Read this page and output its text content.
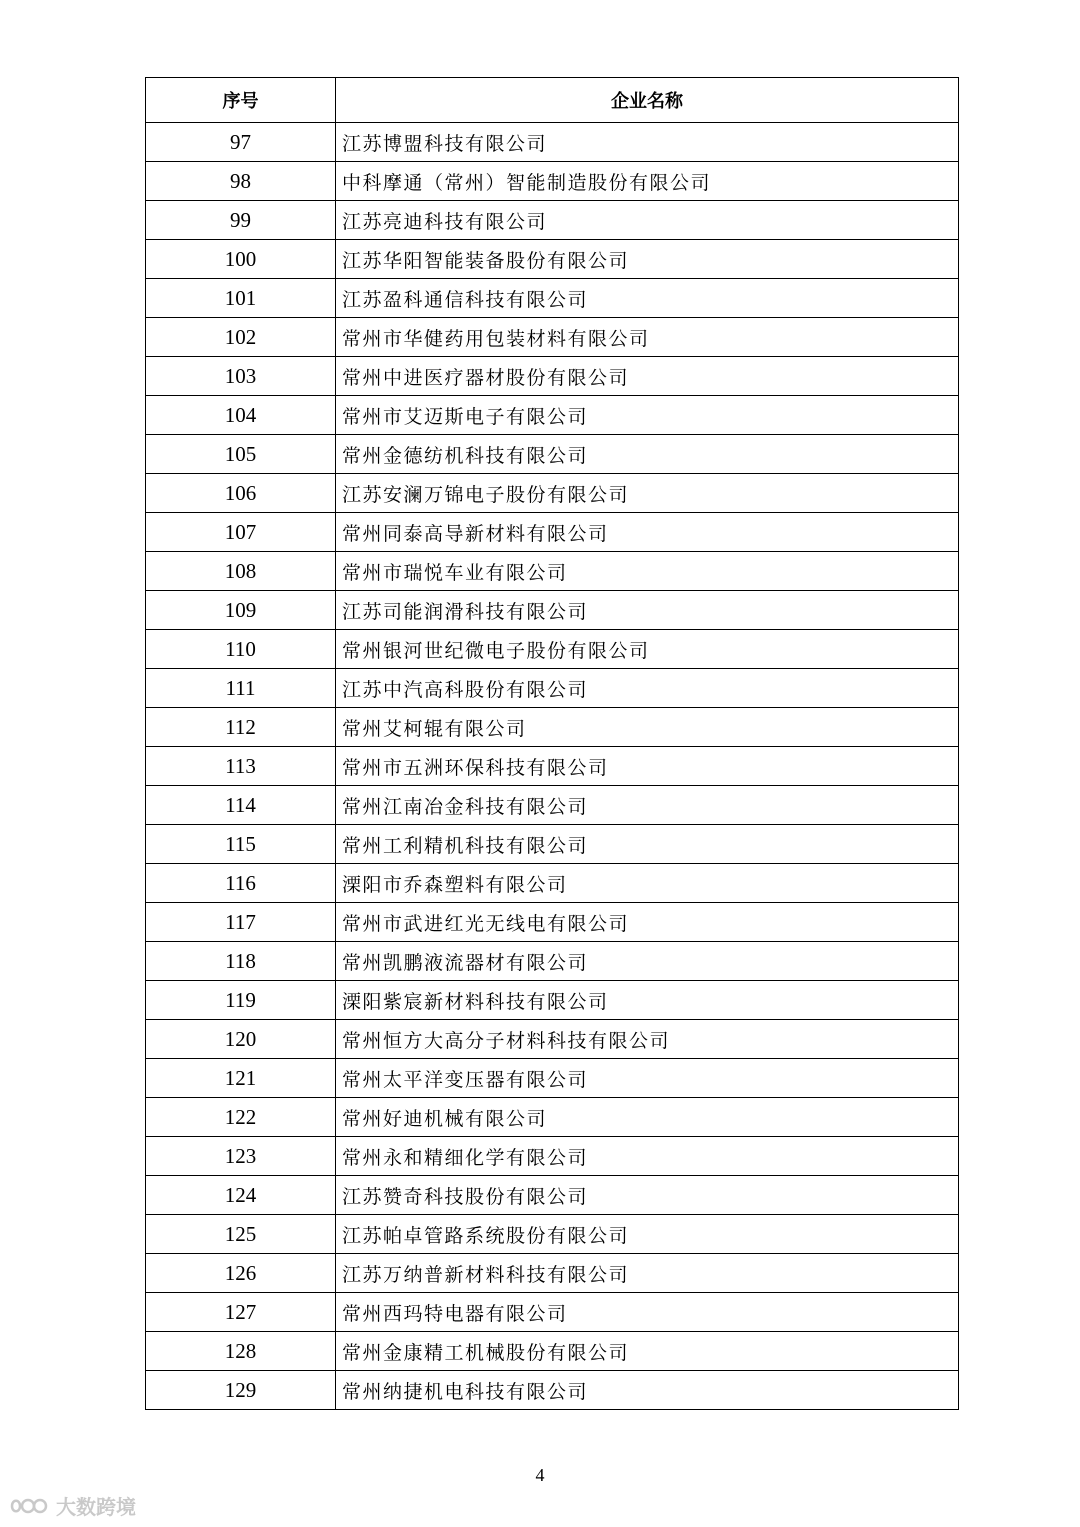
序号	企业名称
97	江苏博盟科技有限公司
98	中科摩通（常州）智能制造股份有限公司
99	江苏亮迪科技有限公司
100	江苏华阳智能装备股份有限公司
101	江苏盈科通信科技有限公司
102	常州市华健药用包装材料有限公司
103	常州中进医疗器材股份有限公司
104	常州市艾迈斯电子有限公司
105	常州金德纺机科技有限公司
106	江苏安澜万锦电子股份有限公司
107	常州同泰高导新材料有限公司
108	常州市瑞悦车业有限公司
109	江苏司能润滑科技有限公司
110	常州银河世纪微电子股份有限公司
111	江苏中汽高科股份有限公司
112	常州艾柯辊有限公司
113	常州市五洲环保科技有限公司
114	常州江南冶金科技有限公司
115	常州工利精机科技有限公司
116	溧阳市乔森塑料有限公司
117	常州市武进红光无线电有限公司
118	常州凯鹏液流器材有限公司
119	溧阳紫宸新材料科技有限公司
120	常州恒方大高分子材料科技有限公司
121	常州太平洋变压器有限公司
122	常州好迪机械有限公司
123	常州永和精细化学有限公司
124	江苏赞奇科技股份有限公司
125	江苏帕卓管路系统股份有限公司
126	江苏万纳普新材料科技有限公司
127	常州西玛特电器有限公司
128	常州金康精工机械股份有限公司
129	常州纳捷机电科技有限公司
4
大数跨境
